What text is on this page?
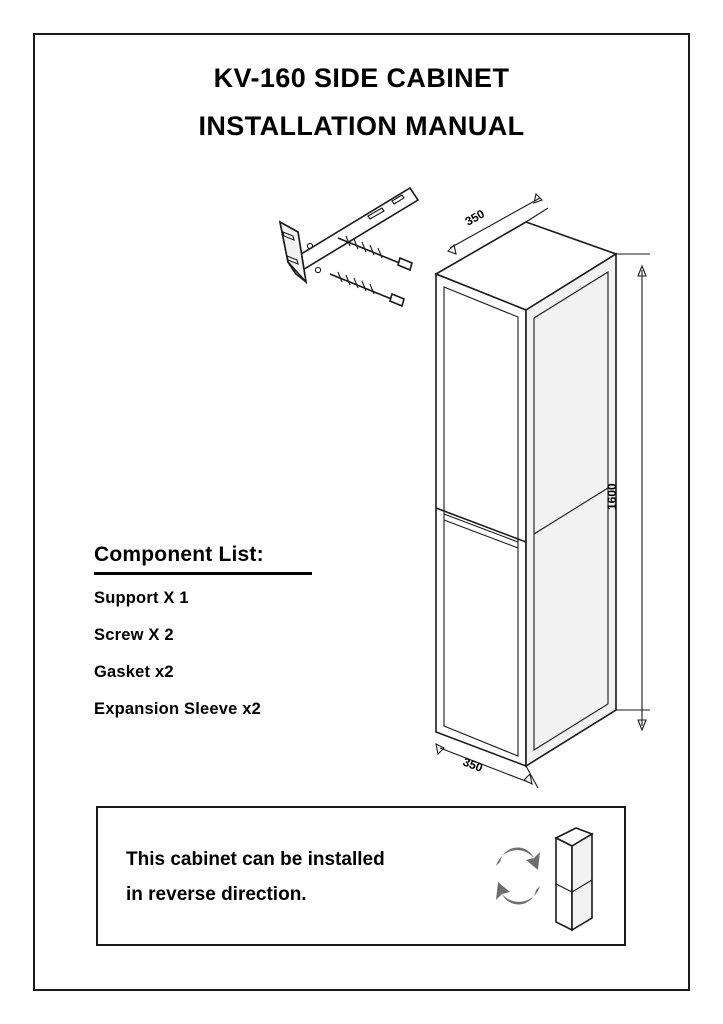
KV-160 SIDE CABINET
INSTALLATION MANUAL
350
1600
350
Component List:
Support X 1
Screw X 2
Gasket x2
Expansion Sleeve x2
This cabinet can be installed
in reverse direction.
